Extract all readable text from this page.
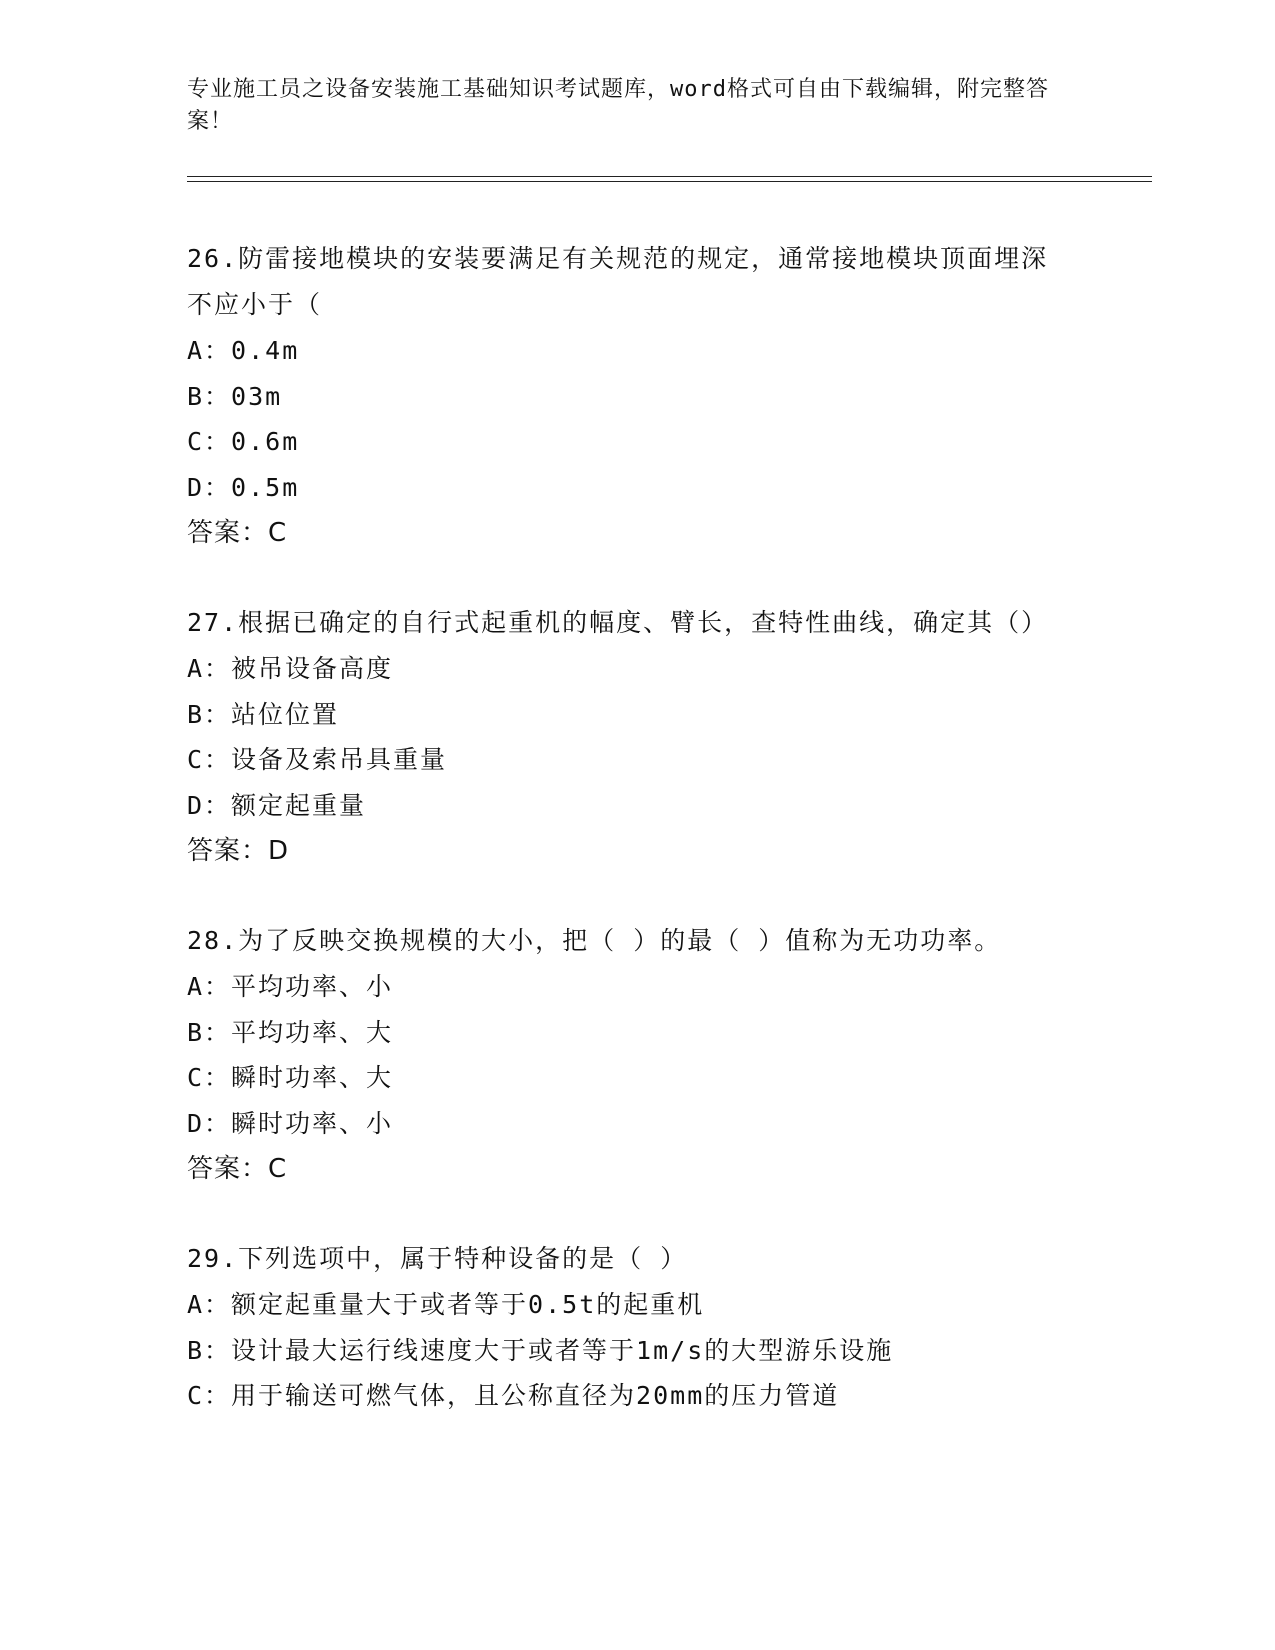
专业施工员之设备安装施工基础知识考试题库，word格式可自由下载编辑，附完整答案！
26.防雷接地模块的安装要满足有关规范的规定，通常接地模块顶面埋深不应小于（
A：0.4m
B：03m
C：0.6m
D：0.5m
答案：C
27.根据已确定的自行式起重机的幅度、臂长，查特性曲线，确定其（）
A：被吊设备高度
B：站位位置
C：设备及索吊具重量
D：额定起重量
答案：D
28.为了反映交换规模的大小，把（ ）的最（ ）值称为无功功率。
A：平均功率、小
B：平均功率、大
C：瞬时功率、大
D：瞬时功率、小
答案：C
29.下列选项中，属于特种设备的是（ ）
A：额定起重量大于或者等于0.5t的起重机
B：设计最大运行线速度大于或者等于1m/s的大型游乐设施
C：用于输送可燃气体，且公称直径为20mm的压力管道
